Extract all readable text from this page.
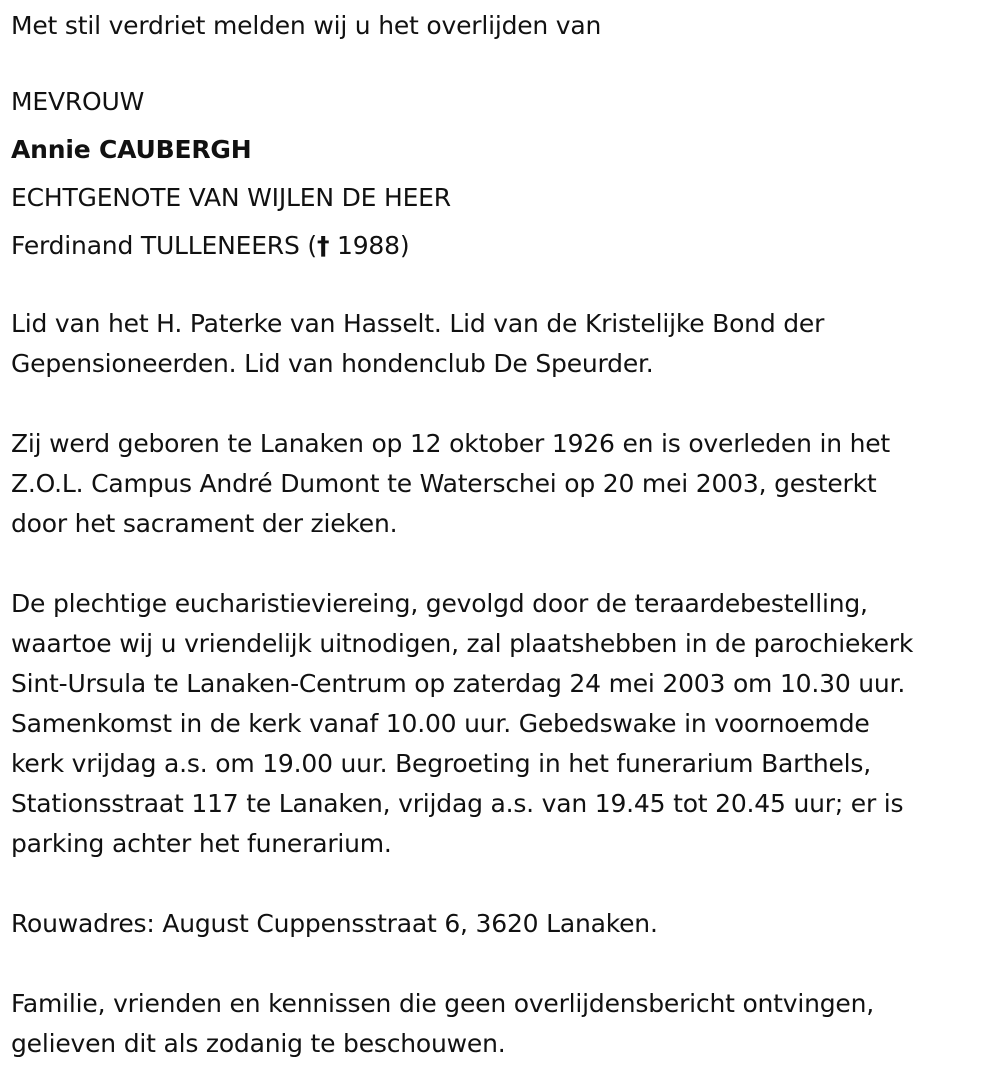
Met stil verdriet melden wij u het overlijden van
MEVROUW
Annie CAUBERGH
ECHTGENOTE VAN WIJLEN DE HEER
Ferdinand TULLENEERS († 1988)
Lid van het H. Paterke van Hasselt. Lid van de Kristelijke Bond der
Gepensioneerden. Lid van hondenclub De Speurder.
Zij werd geboren te Lanaken op 12 oktober 1926 en is overleden in het
Z.O.L. Campus André Dumont te Waterschei op 20 mei 2003, gesterkt
door het sacrament der zieken.
De plechtige eucharistieviereing, gevolgd door de teraardebestelling,
waartoe wij u vriendelijk uitnodigen, zal plaatshebben in de parochiekerk
Sint-Ursula te Lanaken-Centrum op zaterdag 24 mei 2003 om 10.30 uur.
Samenkomst in de kerk vanaf 10.00 uur. Gebedswake in voornoemde
kerk vrijdag a.s. om 19.00 uur. Begroeting in het funerarium Barthels,
Stationsstraat 117 te Lanaken, vrijdag a.s. van 19.45 tot 20.45 uur; er is
parking achter het funerarium.
Rouwadres: August Cuppensstraat 6, 3620 Lanaken.
Familie, vrienden en kennissen die geen overlijdensbericht ontvingen,
gelieven dit als zodanig te beschouwen.
